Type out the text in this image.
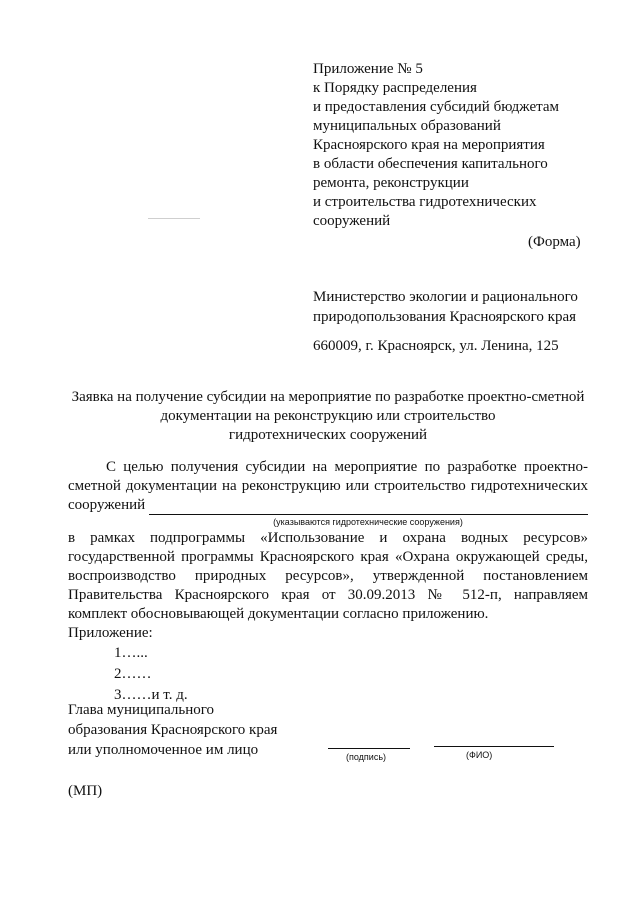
Приложение № 5
к Порядку распределения
и предоставления субсидий бюджетам
муниципальных образований
Красноярского края на мероприятия
в области обеспечения капитального
ремонта, реконструкции
и строительства гидротехнических
сооружений
(Форма)
Министерство экологии и рационального
природопользования Красноярского края
660009, г. Красноярск, ул. Ленина, 125
Заявка на получение субсидии на мероприятие по разработке проектно-сметной
документации на реконструкцию или строительство
гидротехнических сооружений
С целью получения субсидии на мероприятие по разработке проектно-
сметной документации на реконструкцию или строительство гидротехнических
сооружений
(указываются гидротехнические сооружения)
в рамках подпрограммы «Использование и охрана водных ресурсов»
государственной программы Красноярского края «Охрана окружающей среды,
воспроизводство природных ресурсов», утвержденной постановлением
Правительства Красноярского края от 30.09.2013 № 512-п, направляем
комплект обосновывающей документации согласно приложению.
Приложение:
1…...
2……
3……и т. д.
Глава муниципального
образования Красноярского края
или уполномоченное им лицо	(подпись)	(ФИО)
(МП)
